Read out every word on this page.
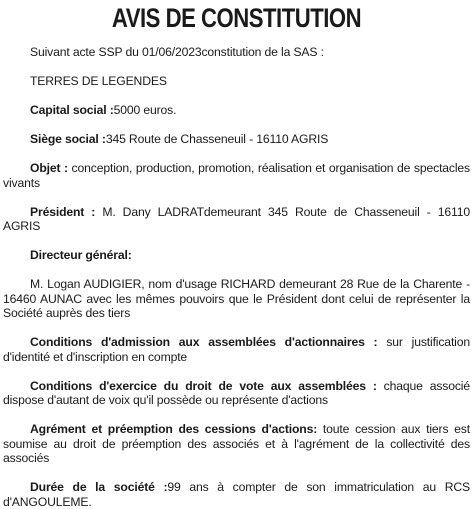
AVIS DE CONSTITUTION

Suivant acte SSP du 01/06/2023constitution de la SAS :

TERRES DE LEGENDES

Capital social :5000 euros.

Siège social :345 Route de Chasseneuil - 16110 AGRIS

Objet : conception, production, promotion, réalisation et organisation de spectacles vivants

Président : M. Dany LADRATdemeurant 345 Route de Chasseneuil - 16110 AGRIS

Directeur général:

M. Logan AUDIGIER, nom d'usage RICHARD demeurant 28 Rue de la Charente - 16460 AUNAC avec les mêmes pouvoirs que le Président dont celui de représenter la Société auprès des tiers

Conditions d'admission aux assemblées d'actionnaires : sur justification d'identité et d'inscription en compte

Conditions d'exercice du droit de vote aux assemblées : chaque associé dispose d'autant de voix qu'il possède ou représente d'actions

Agrément et préemption des cessions d'actions: toute cession aux tiers est soumise au droit de préemption des associés et à l'agrément de la collectivité des associés

Durée de la société :99 ans à compter de son immatriculation au RCS d'ANGOULEME.
